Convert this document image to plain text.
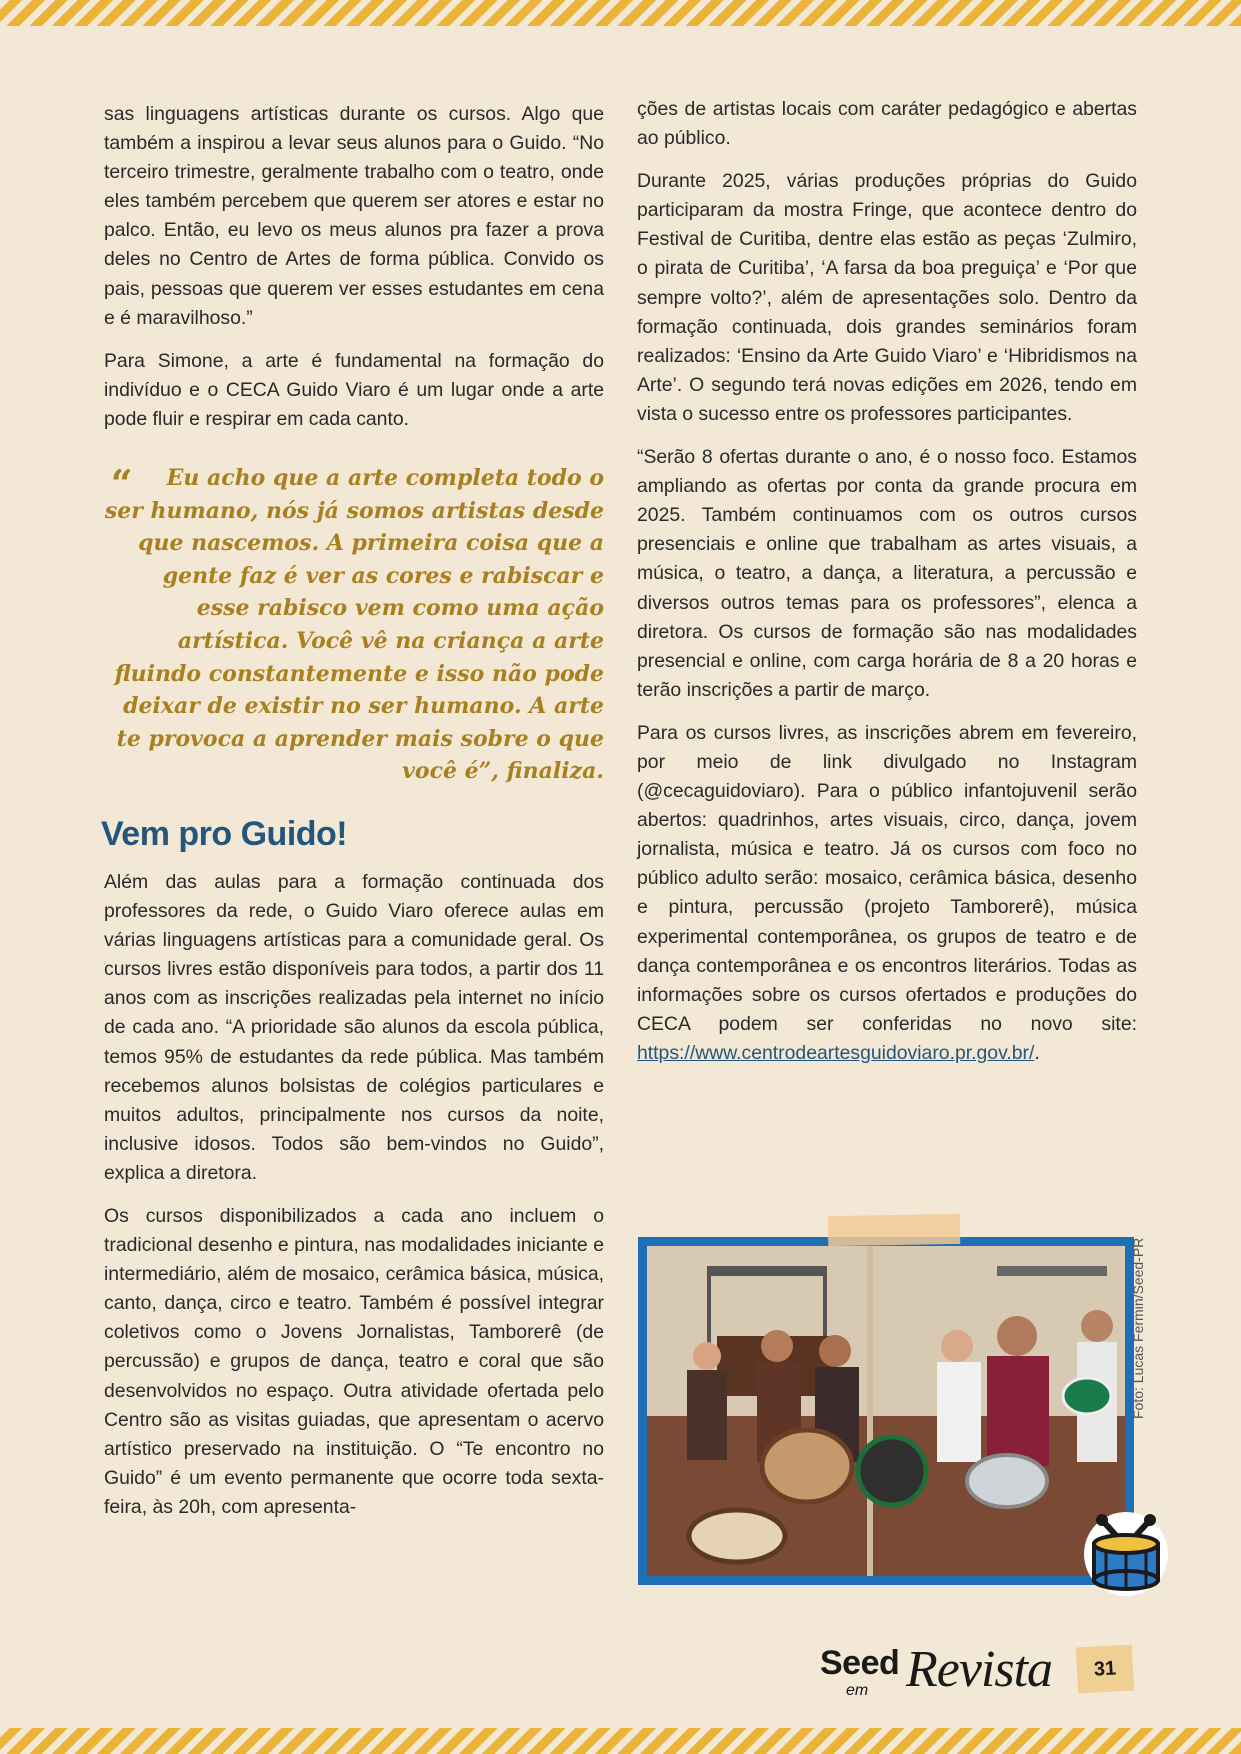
sas linguagens artísticas durante os cursos. Algo que também a inspirou a levar seus alunos para o Guido. “No terceiro trimestre, geralmente trabalho com o teatro, onde eles também percebem que querem ser atores e estar no palco. Então, eu levo os meus alunos pra fazer a prova deles no Centro de Artes de forma pública. Convido os pais, pessoas que querem ver esses estudantes em cena e é maravilhoso.”

Para Simone, a arte é fundamental na formação do indivíduo e o CECA Guido Viaro é um lugar onde a arte pode fluir e respirar em cada canto.

“ Eu acho que a arte completa todo o ser humano, nós já somos artistas desde que nascemos. A primeira coisa que a gente faz é ver as cores e rabiscar e esse rabisco vem como uma ação artística. Você vê na criança a arte fluindo constantemente e isso não pode deixar de existir no ser humano. A arte te provoca a aprender mais sobre o que você é”, finaliza.
Vem pro Guido!

Além das aulas para a formação continuada dos professores da rede, o Guido Viaro oferece aulas em várias linguagens artísticas para a comunidade geral. Os cursos livres estão disponíveis para todos, a partir dos 11 anos com as inscrições realizadas pela internet no início de cada ano. “A prioridade são alunos da escola pública, temos 95% de estudantes da rede pública. Mas também recebemos alunos bolsistas de colégios particulares e muitos adultos, principalmente nos cursos da noite, inclusive idosos. Todos são bem-vindos no Guido”, explica a diretora.

Os cursos disponibilizados a cada ano incluem o tradicional desenho e pintura, nas modalidades iniciante e intermediário, além de mosaico, cerâmica básica, música, canto, dança, circo e teatro. Também é possível integrar coletivos como o Jovens Jornalistas, Tamborerê (de percussão) e grupos de dança, teatro e coral que são desenvolvidos no espaço. Outra atividade ofertada pelo Centro são as visitas guiadas, que apresentam o acervo artístico preservado na instituição. O “Te encontro no Guido” é um evento permanente que ocorre toda sexta-feira, às 20h, com apresenta-

ções de artistas locais com caráter pedagógico e abertas ao público.

Durante 2025, várias produções próprias do Guido participaram da mostra Fringe, que acontece dentro do Festival de Curitiba, dentre elas estão as peças ‘Zulmiro, o pirata de Curitiba’, ‘A farsa da boa preguiça’ e ‘Por que sempre volto?’, além de apresentações solo. Dentro da formação continuada, dois grandes seminários foram realizados: ‘Ensino da Arte Guido Viaro’ e ‘Hibridismos na Arte’. O segundo terá novas edições em 2026, tendo em vista o sucesso entre os professores participantes.

“Serão 8 ofertas durante o ano, é o nosso foco. Estamos ampliando as ofertas por conta da grande procura em 2025. Também continuamos com os outros cursos presenciais e online que trabalham as artes visuais, a música, o teatro, a dança, a literatura, a percussão e diversos outros temas para os professores”, elenca a diretora. Os cursos de formação são nas modalidades presencial e online, com carga horária de 8 a 20 horas e terão inscrições a partir de março.

Para os cursos livres, as inscrições abrem em fevereiro, por meio de link divulgado no Instagram (@cecaguidoviaro). Para o público infantojuvenil serão abertos: quadrinhos, artes visuais, circo, dança, jovem jornalista, música e teatro. Já os cursos com foco no público adulto serão: mosaico, cerâmica básica, desenho e pintura, percussão (projeto Tamborerê), música experimental contemporânea, os grupos de teatro e de dança contemporânea e os encontros literários. Todas as informações sobre os cursos ofertados e produções do CECA podem ser conferidas no novo site: https://www.centrodeartesguidoviaro.pr.gov.br/.

Foto: Lucas Fermin/Seed-PR
Seed
em Revista	31
